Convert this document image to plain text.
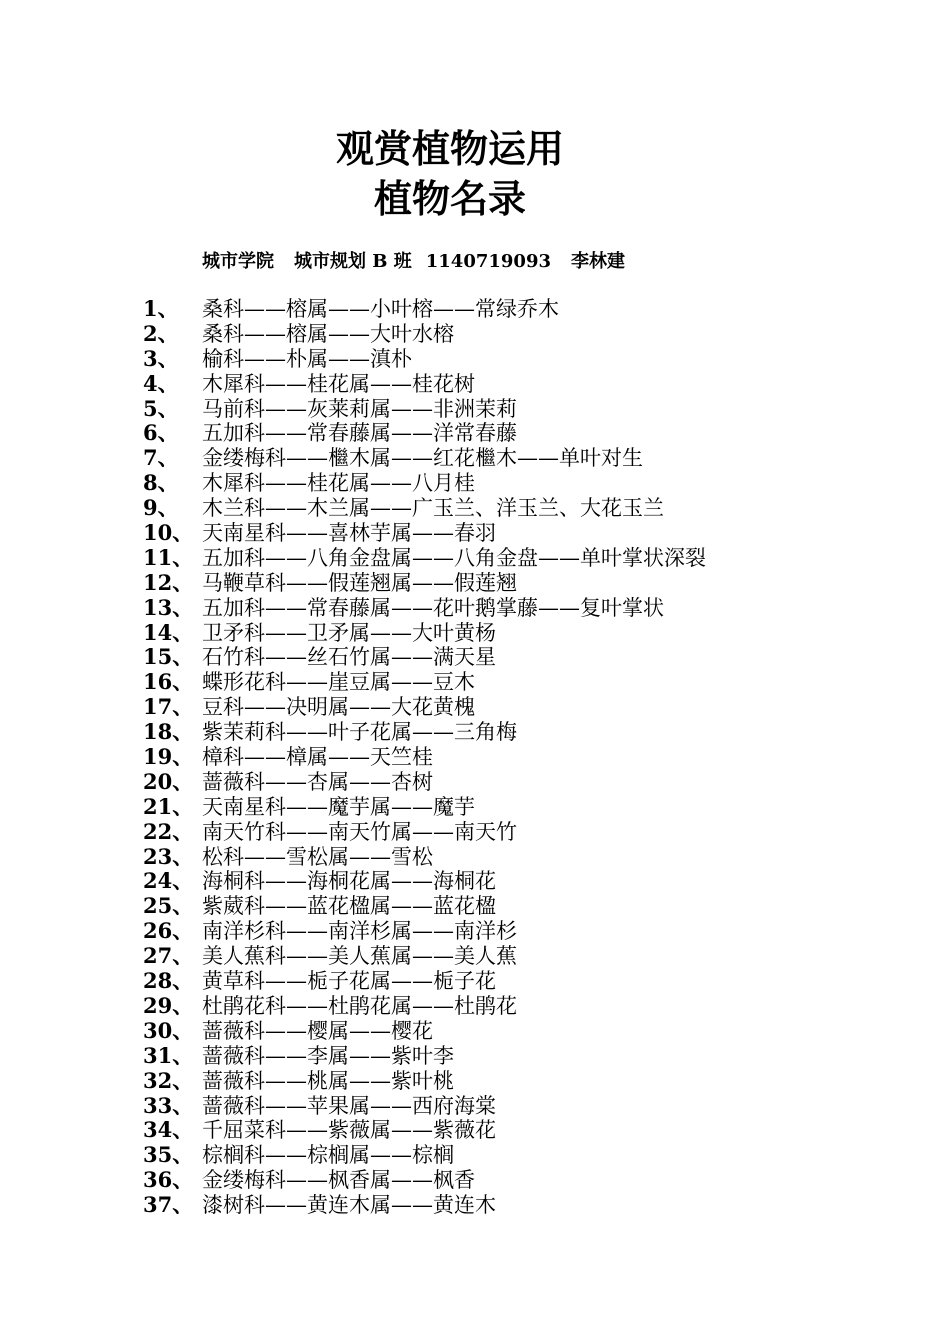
观赏植物运用
植物名录
城市学院 城市规划 B 班 1140719093 李林建
1、 桑科——榕属——小叶榕——常绿乔木
2、 桑科——榕属——大叶水榕
3、 榆科——朴属——滇朴
4、 木犀科——桂花属——桂花树
5、 马前科——灰莱莉属——非洲茉莉
6、 五加科——常春藤属——洋常春藤
7、 金缕梅科——檵木属——红花檵木——单叶对生
8、 木犀科——桂花属——八月桂
9、 木兰科——木兰属——广玉兰、洋玉兰、大花玉兰
10、 天南星科——喜林芋属——春羽
11、 五加科——八角金盘属——八角金盘——单叶掌状深裂
12、 马鞭草科——假莲翘属——假莲翘
13、 五加科——常春藤属——花叶鹅掌藤——复叶掌状
14、 卫矛科——卫矛属——大叶黄杨
15、 石竹科——丝石竹属——满天星
16、 蝶形花科——崖豆属——豆木
17、 豆科——决明属——大花黄槐
18、 紫茉莉科——叶子花属——三角梅
19、 樟科——樟属——天竺桂
20、 蔷薇科——杏属——杏树
21、 天南星科——魔芋属——魔芋
22、 南天竹科——南天竹属——南天竹
23、 松科——雪松属——雪松
24、 海桐科——海桐花属——海桐花
25、 紫葳科——蓝花楹属——蓝花楹
26、 南洋杉科——南洋杉属——南洋杉
27、 美人蕉科——美人蕉属——美人蕉
28、 黄草科——栀子花属——栀子花
29、 杜鹃花科——杜鹃花属——杜鹃花
30、 蔷薇科——樱属——樱花
31、 蔷薇科——李属——紫叶李
32、 蔷薇科——桃属——紫叶桃
33、 蔷薇科——苹果属——西府海棠
34、 千屈菜科——紫薇属——紫薇花
35、 棕榈科——棕榈属——棕榈
36、 金缕梅科——枫香属——枫香
37、 漆树科——黄连木属——黄连木
